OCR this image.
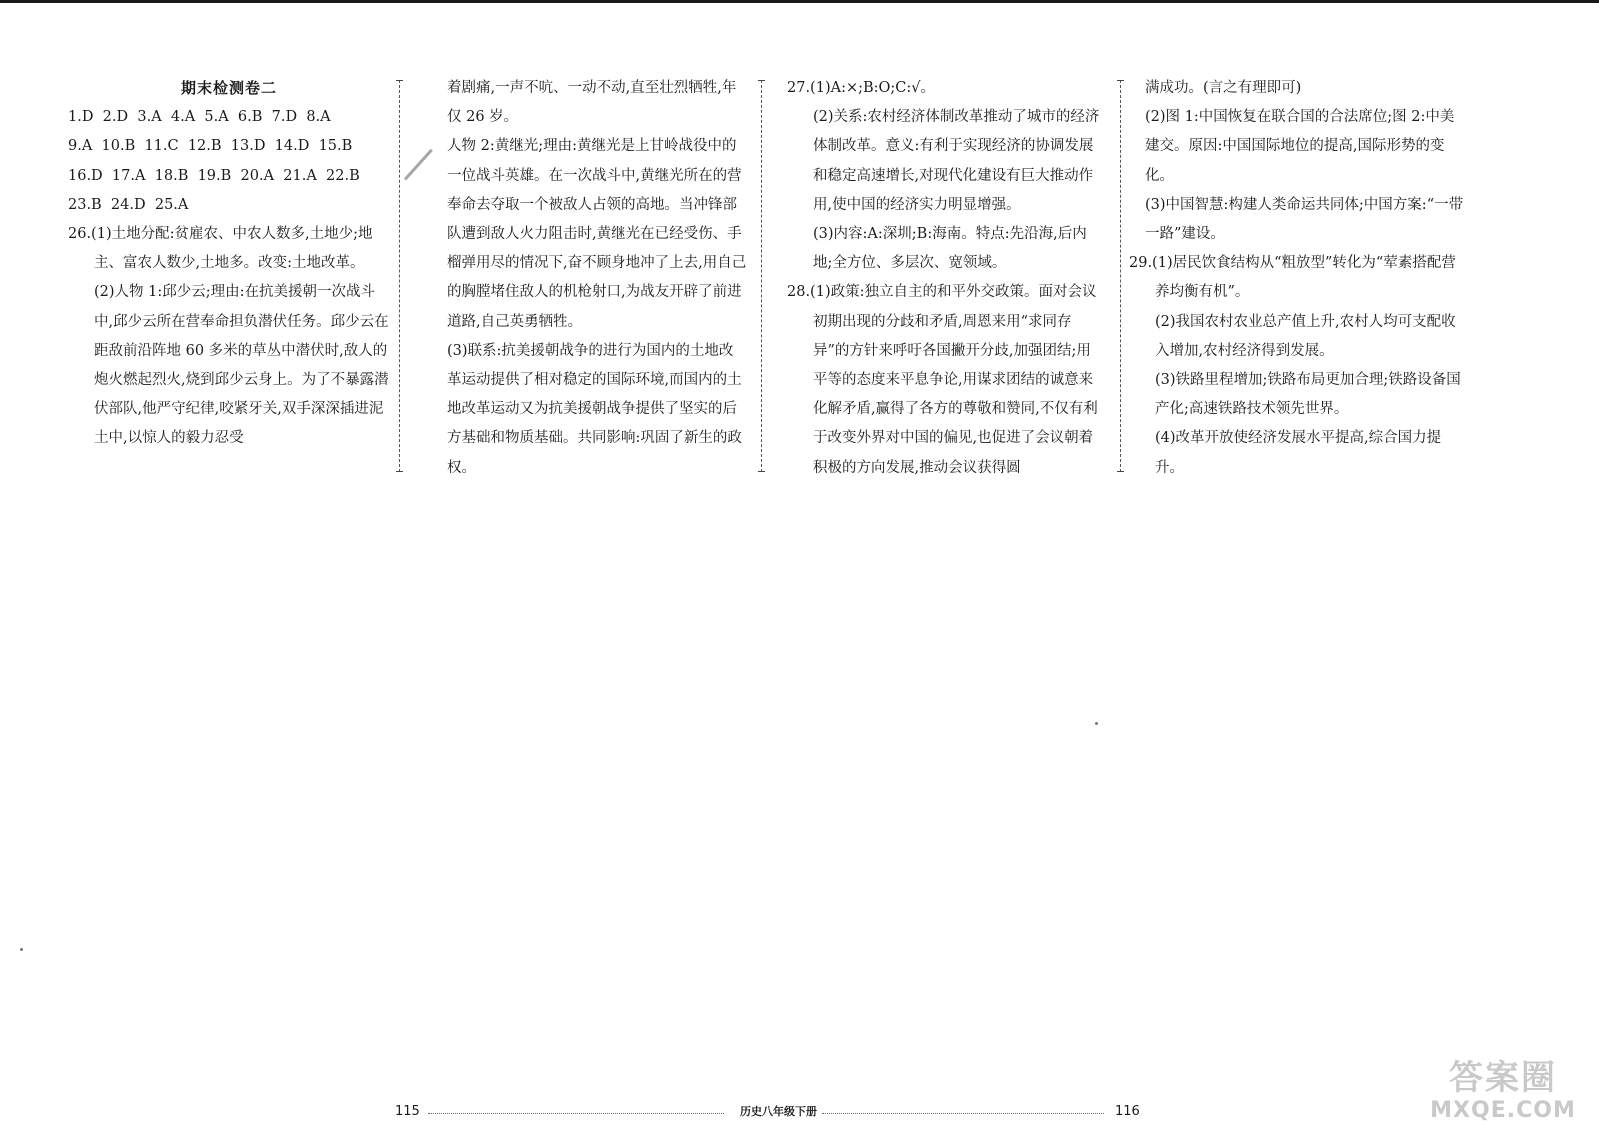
期末检测卷二

1.D  2.D  3.A  4.A  5.A  6.B  7.D  8.A

9.A  10.B  11.C  12.B  13.D  14.D  15.B

16.D  17.A  18.B  19.B  20.A  21.A  22.B

23.B  24.D  25.A

26.(1)土地分配:贫雇农、中农人数多,土地少;地主、富农人数少,土地多。改变:土地改革。

(2)人物 1:邱少云;理由:在抗美援朝一次战斗中,邱少云所在营奉命担负潜伏任务。邱少云在距敌前沿阵地 60 多米的草丛中潜伏时,敌人的炮火燃起烈火,烧到邱少云身上。为了不暴露潜伏部队,他严守纪律,咬紧牙关,双手深深插进泥土中,以惊人的毅力忍受

着剧痛,一声不吭、一动不动,直至壮烈牺牲,年仅 26 岁。

人物 2:黄继光;理由:黄继光是上甘岭战役中的一位战斗英雄。在一次战斗中,黄继光所在的营奉命去夺取一个被敌人占领的高地。当冲锋部队遭到敌人火力阻击时,黄继光在已经受伤、手榴弹用尽的情况下,奋不顾身地冲了上去,用自己的胸膛堵住敌人的机枪射口,为战友开辟了前进道路,自己英勇牺牲。

(3)联系:抗美援朝战争的进行为国内的土地改革运动提供了相对稳定的国际环境,而国内的土地改革运动又为抗美援朝战争提供了坚实的后方基础和物质基础。共同影响:巩固了新生的政权。

27.(1)A:×;B:O;C:√。

(2)关系:农村经济体制改革推动了城市的经济体制改革。意义:有利于实现经济的协调发展和稳定高速增长,对现代化建设有巨大推动作用,使中国的经济实力明显增强。

(3)内容:A:深圳;B:海南。特点:先沿海,后内地;全方位、多层次、宽领域。

28.(1)政策:独立自主的和平外交政策。面对会议初期出现的分歧和矛盾,周恩来用“求同存异”的方针来呼吁各国撇开分歧,加强团结;用平等的态度来平息争论,用谋求团结的诚意来化解矛盾,赢得了各方的尊敬和赞同,不仅有利于改变外界对中国的偏见,也促进了会议朝着积极的方向发展,推动会议获得圆

满成功。(言之有理即可)

(2)图 1:中国恢复在联合国的合法席位;图 2:中美建交。原因:中国国际地位的提高,国际形势的变化。

(3)中国智慧:构建人类命运共同体;中国方案:“一带一路”建设。

29.(1)居民饮食结构从“粗放型”转化为“荤素搭配营养均衡有机”。

(2)我国农村农业总产值上升,农村人均可支配收入增加,农村经济得到发展。

(3)铁路里程增加;铁路布局更加合理;铁路设备国产化;高速铁路技术领先世界。

(4)改革开放使经济发展水平提高,综合国力提升。

115	历史八年级下册	116
答案圈
MXQE.COM
